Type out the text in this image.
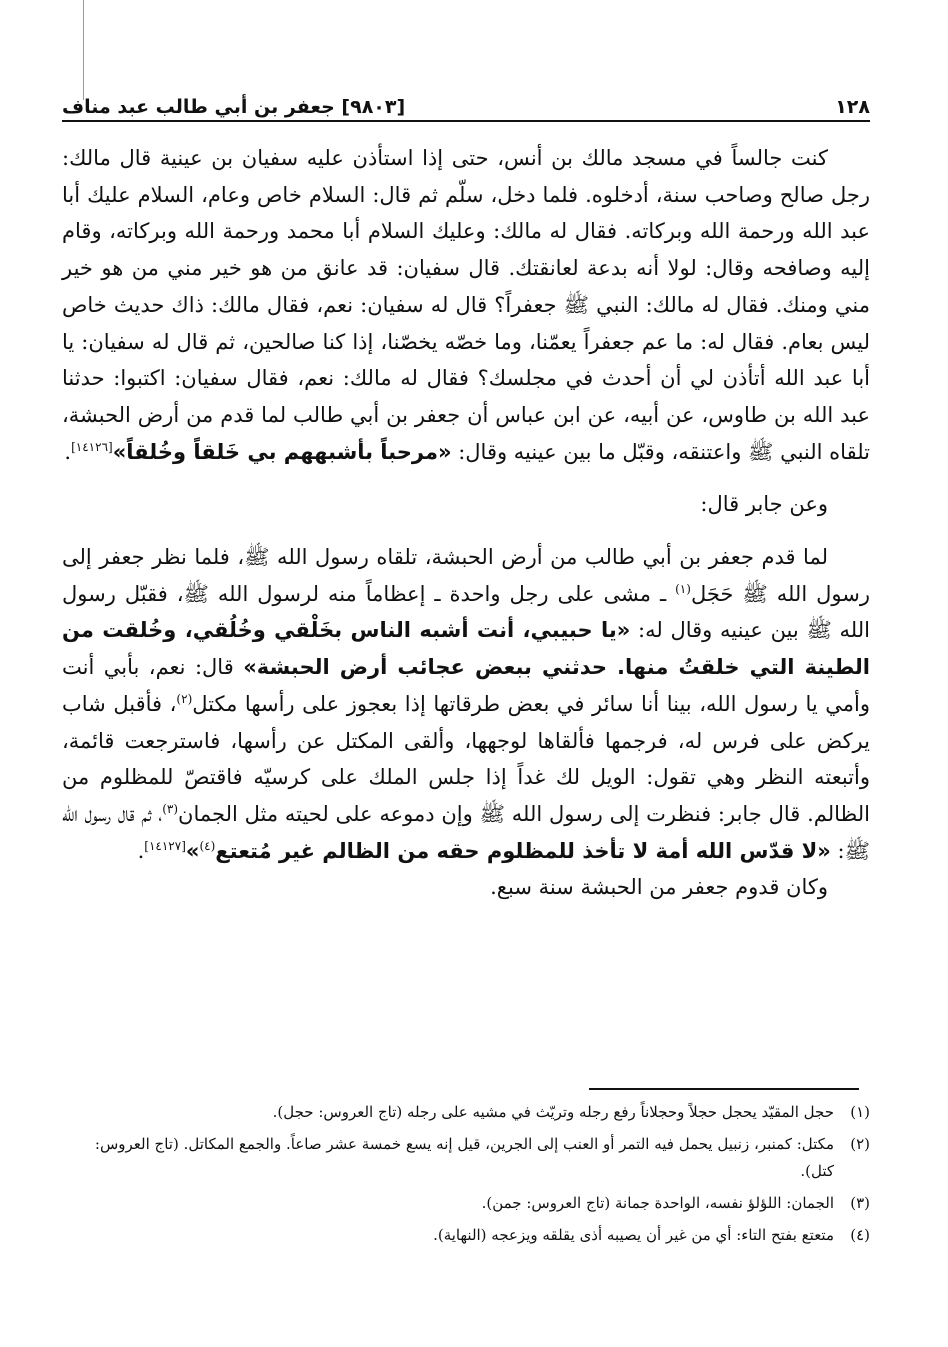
١٢٨
[٩٨٠٣] جعفر بن أبي طالب عبد مناف

كنت جالساً في مسجد مالك بن أنس، حتى إذا استأذن عليه سفيان بن عينية قال مالك: رجل صالح وصاحب سنة، أدخلوه. فلما دخل، سلّم ثم قال: السلام خاص وعام، السلام عليك أبا عبد الله ورحمة الله وبركاته. فقال له مالك: وعليك السلام أبا محمد ورحمة الله وبركاته، وقام إليه وصافحه وقال: لولا أنه بدعة لعانقتك. قال سفيان: قد عانق من هو خير مني من هو خير مني ومنك. فقال له مالك: النبي ﷺ جعفراً؟ قال له سفيان: نعم، فقال مالك: ذاك حديث خاص ليس بعام. فقال له: ما عم جعفراً يعمّنا، وما خصّه يخصّنا، إذا كنا صالحين، ثم قال له سفيان: يا أبا عبد الله أتأذن لي أن أحدث في مجلسك؟ فقال له مالك: نعم، فقال سفيان: اكتبوا: حدثنا عبد الله بن طاوس، عن أبيه، عن ابن عباس أن جعفر بن أبي طالب لما قدم من أرض الحبشة، تلقاه النبي ﷺ واعتنقه، وقبّل ما بين عينيه وقال: «مرحباً بأشبههم بي خَلقاً وخُلقاً»[١٤١٢٦].

وعن جابر قال:

لما قدم جعفر بن أبي طالب من أرض الحبشة، تلقاه رسول الله ﷺ، فلما نظر جعفر إلى رسول الله ﷺ حَجَل$^{(١)}$ ـ مشى على رجل واحدة ـ إعظاماً منه لرسول الله ﷺ، فقبّل رسول الله ﷺ بين عينيه وقال له: «يا حبيبي، أنت أشبه الناس بخَلْقي وخُلُقي، وخُلقت من الطينة التي خلقتُ منها. حدثني ببعض عجائب أرض الحبشة» قال: نعم، بأبي أنت وأمي يا رسول الله، بينا أنا سائر في بعض طرقاتها إذا بعجوز على رأسها مكتل$^{(٢)}$، فأقبل شاب يركض على فرس له، فرجمها فألقاها لوجهها، وألقى المكتل عن رأسها، فاسترجعت قائمة، وأتبعته النظر وهي تقول: الويل لك غداً إذا جلس الملك على كرسيّه فاقتصّ للمظلوم من الظالم. قال جابر: فنظرت إلى رسول الله ﷺ وإن دموعه على لحيته مثل الجمان$^{(٣)}$، ثم قال رسول الله ﷺ: «لا قدّس الله أمة لا تأخذ للمظلوم حقه من الظالم غير مُتعتع$^{(٤)}$»[١٤١٢٧].

وكان قدوم جعفر من الحبشة سنة سبع.

(١)
حجل المقيّد يحجل حجلاً وحجلاناً رفع رجله وتريّث في مشيه على رجله (تاج العروس: حجل).
(٢)
مكتل: كمنبر، زنبيل يحمل فيه التمر أو العنب إلى الجرين، قيل إنه يسع خمسة عشر صاعاً. والجمع المكاتل. (تاج العروس: كتل).
(٣)
الجمان: اللؤلؤ نفسه، الواحدة جمانة (تاج العروس: جمن).
(٤)
متعتع بفتح التاء: أي من غير أن يصيبه أذى يقلقه ويزعجه (النهاية).
